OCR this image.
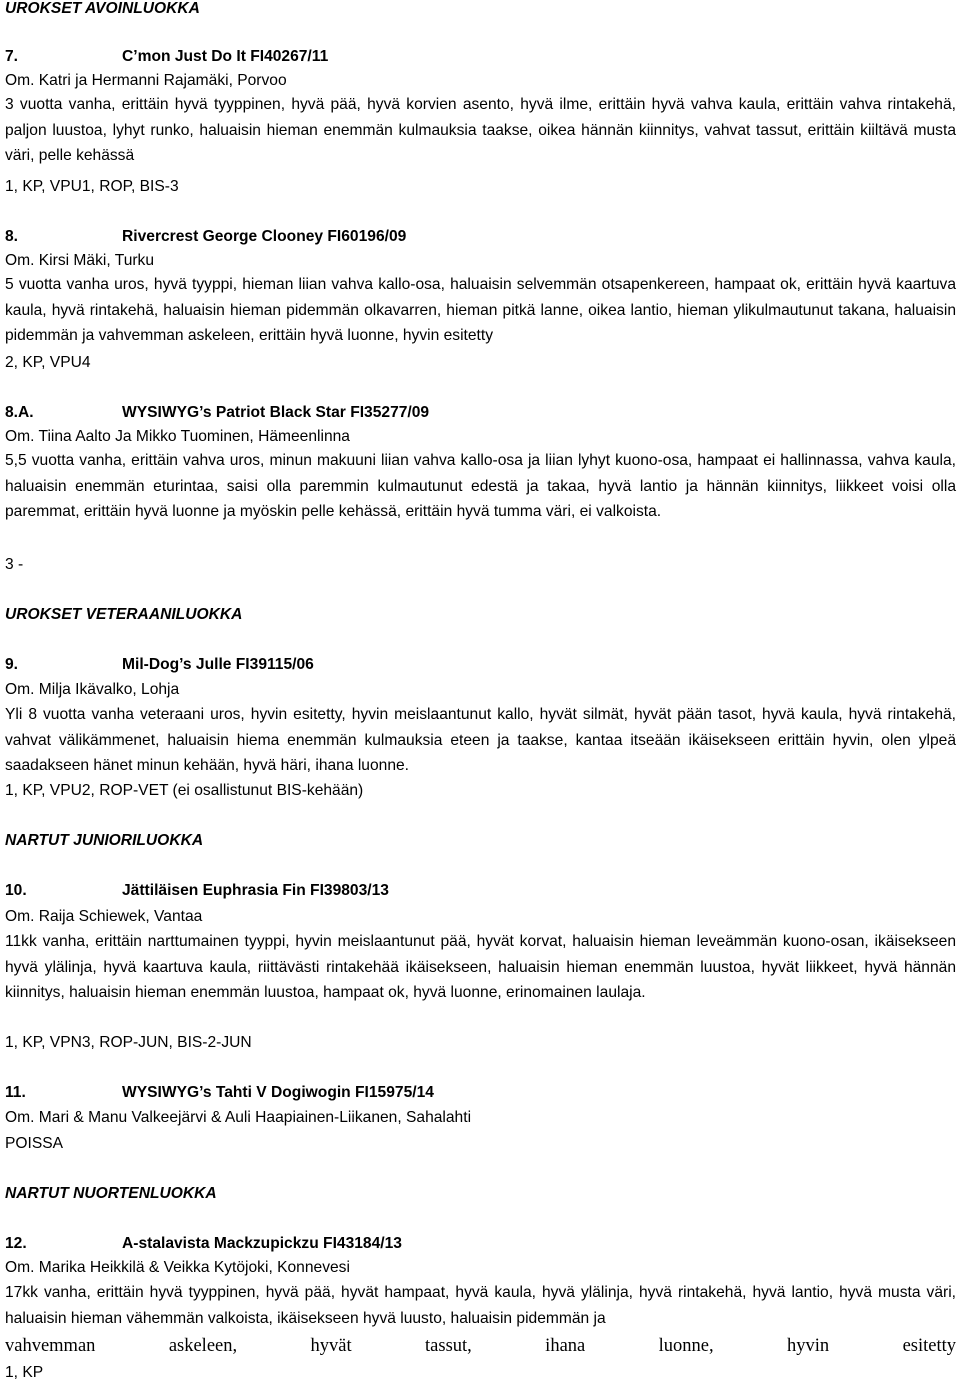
UROKSET AVOINLUOKKA

7.	C’mon Just Do It FI40267/11

Om. Katri ja Hermanni Rajamäki, Porvoo

3 vuotta vanha, erittäin hyvä tyyppinen, hyvä pää, hyvä korvien asento, hyvä ilme, erittäin hyvä vahva kaula, erittäin vahva rintakehä, paljon luustoa, lyhyt runko, haluaisin hieman enemmän kulmauksia taakse, oikea hännän kiinnitys, vahvat tassut, erittäin kiiltävä musta väri, pelle kehässä

1, KP, VPU1, ROP, BIS-3

8.	Rivercrest George Clooney FI60196/09

Om. Kirsi Mäki, Turku

5 vuotta vanha uros, hyvä tyyppi, hieman liian vahva kallo-osa, haluaisin selvemmän otsapenkereen, hampaat ok, erittäin hyvä kaartuva kaula, hyvä rintakehä, haluaisin hieman pidemmän olkavarren, hieman pitkä lanne, oikea lantio, hieman ylikulmautunut takana, haluaisin pidemmän ja vahvemman askeleen, erittäin hyvä luonne, hyvin esitetty

2, KP, VPU4

8.A.	WYSIWYG’s Patriot Black Star FI35277/09

Om. Tiina Aalto Ja Mikko Tuominen, Hämeenlinna

5,5 vuotta vanha, erittäin vahva uros, minun makuuni liian vahva kallo-osa ja liian lyhyt kuono-osa, hampaat ei hallinnassa, vahva kaula, haluaisin enemmän eturintaa, saisi olla paremmin kulmautunut edestä ja takaa, hyvä lantio ja hännän kiinnitys, liikkeet voisi olla paremmat, erittäin hyvä luonne ja myöskin pelle kehässä, erittäin hyvä tumma väri, ei valkoista.

3 -

UROKSET VETERAANILUOKKA

9.	Mil-Dog’s Julle FI39115/06

Om. Milja Ikävalko, Lohja

Yli 8 vuotta vanha veteraani uros, hyvin esitetty, hyvin meislaantunut kallo, hyvät silmät, hyvät pään tasot, hyvä kaula, hyvä rintakehä, vahvat välikämmenet, haluaisin hiema enemmän kulmauksia eteen ja taakse, kantaa itseään ikäisekseen erittäin hyvin, olen ylpeä saadakseen hänet minun kehään, hyvä häri, ihana luonne.

1, KP, VPU2, ROP-VET (ei osallistunut BIS-kehään)

NARTUT JUNIORILUOKKA

10.	Jättiläisen Euphrasia Fin FI39803/13

Om. Raija Schiewek, Vantaa

11kk vanha, erittäin narttumainen tyyppi, hyvin meislaantunut pää, hyvät korvat, haluaisin hieman leveämmän kuono-osan, ikäisekseen hyvä ylälinja, hyvä kaartuva kaula, riittävästi rintakehää ikäisekseen, haluaisin hieman enemmän luustoa, hyvät liikkeet, hyvä hännän kiinnitys, haluaisin hieman enemmän luustoa, hampaat ok, hyvä luonne, erinomainen laulaja.

1, KP, VPN3, ROP-JUN, BIS-2-JUN

11.	WYSIWYG’s Tahti V Dogiwogin FI15975/14

Om. Mari & Manu Valkeejärvi & Auli Haapiainen-Liikanen, Sahalahti

POISSA

NARTUT NUORTENLUOKKA

12.	A-stalavista Mackzupickzu FI43184/13

Om. Marika Heikkilä & Veikka Kytöjoki, Konnevesi

17kk vanha, erittäin hyvä tyyppinen, hyvä pää, hyvät hampaat, hyvä kaula, hyvä ylälinja, hyvä rintakehä, hyvä lantio, hyvä musta väri, haluaisin hieman vähemmän valkoista, ikäisekseen hyvä luusto, haluaisin pidemmän ja

vahvemman askeleen, hyvät tassut, ihana luonne, hyvin esitetty

1, KP
